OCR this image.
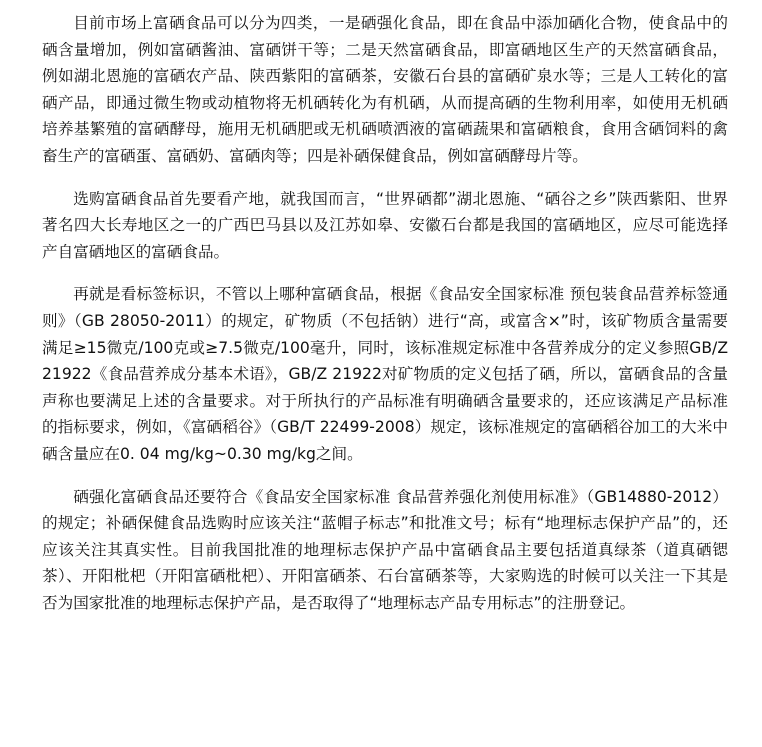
目前市场上富硒食品可以分为四类，一是硒强化食品，即在食品中添加硒化合物，使食品中的硒含量增加，例如富硒酱油、富硒饼干等；二是天然富硒食品，即富硒地区生产的天然富硒食品，例如湖北恩施的富硒农产品、陕西紫阳的富硒茶，安徽石台县的富硒矿泉水等；三是人工转化的富硒产品，即通过微生物或动植物将无机硒转化为有机硒，从而提高硒的生物利用率，如使用无机硒培养基繁殖的富硒酵母，施用无机硒肥或无机硒喷洒液的富硒蔬果和富硒粮食，食用含硒饲料的禽畜生产的富硒蛋、富硒奶、富硒肉等；四是补硒保健食品，例如富硒酵母片等。

选购富硒食品首先要看产地，就我国而言，“世界硒都”湖北恩施、“硒谷之乡”陕西紫阳、世界著名四大长寿地区之一的广西巴马县以及江苏如皋、安徽石台都是我国的富硒地区，应尽可能选择产自富硒地区的富硒食品。

再就是看标签标识，不管以上哪种富硒食品，根据《食品安全国家标准 预包装食品营养标签通则》（GB 28050-2011）的规定，矿物质（不包括钠）进行“高，或富含×”时，该矿物质含量需要满足≥15微克/100克或≥7.5微克/100毫升，同时，该标准规定标准中各营养成分的定义参照GB/Z 21922《食品营养成分基本术语》，GB/Z 21922对矿物质的定义包括了硒，所以，富硒食品的含量声称也要满足上述的含量要求。对于所执行的产品标准有明确硒含量要求的，还应该满足产品标准的指标要求，例如，《富硒稻谷》（GB/T 22499-2008）规定，该标准规定的富硒稻谷加工的大米中硒含量应在0. 04 mg/kg~0.30 mg/kg之间。

硒强化富硒食品还要符合《食品安全国家标准 食品营养强化剂使用标准》（GB14880-2012）的规定；补硒保健食品选购时应该关注“蓝帽子标志”和批准文号；标有“地理标志保护产品”的，还应该关注其真实性。目前我国批准的地理标志保护产品中富硒食品主要包括道真绿茶（道真硒锶茶）、开阳枇杷（开阳富硒枇杷）、开阳富硒茶、石台富硒茶等，大家购选的时候可以关注一下其是否为国家批准的地理标志保护产品，是否取得了“地理标志产品专用标志”的注册登记。
